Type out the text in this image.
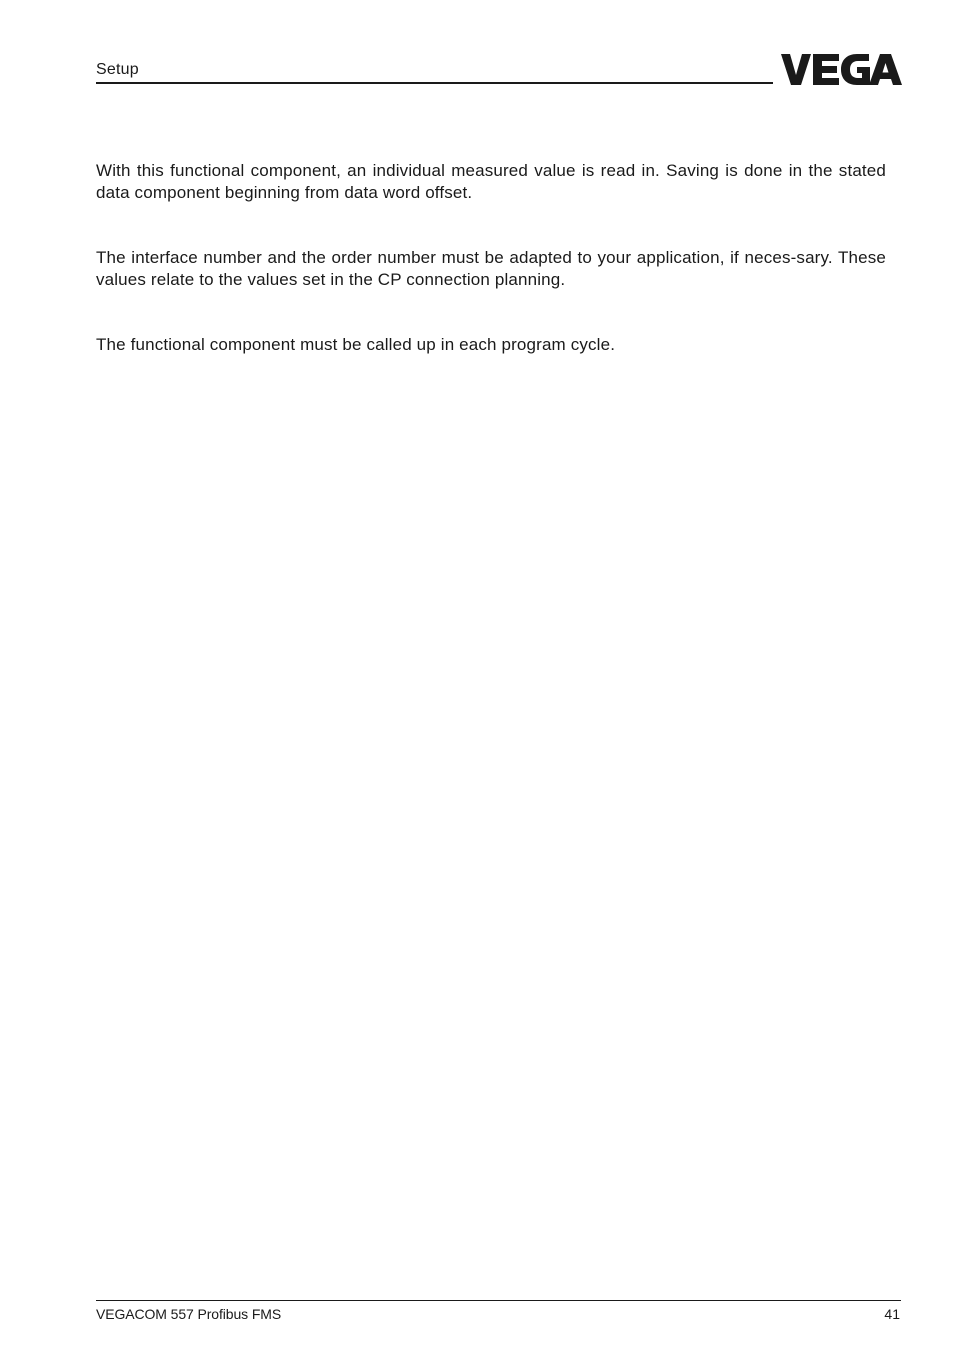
Setup

With this functional component, an individual measured value is read in. Saving is done in the stated data component beginning from data word offset.

The interface number and the order number must be adapted to your application, if neces-sary. These values relate to the values set in the CP connection planning.

The functional component must be called up in each program cycle.

VEGACOM 557 Profibus FMS	41
